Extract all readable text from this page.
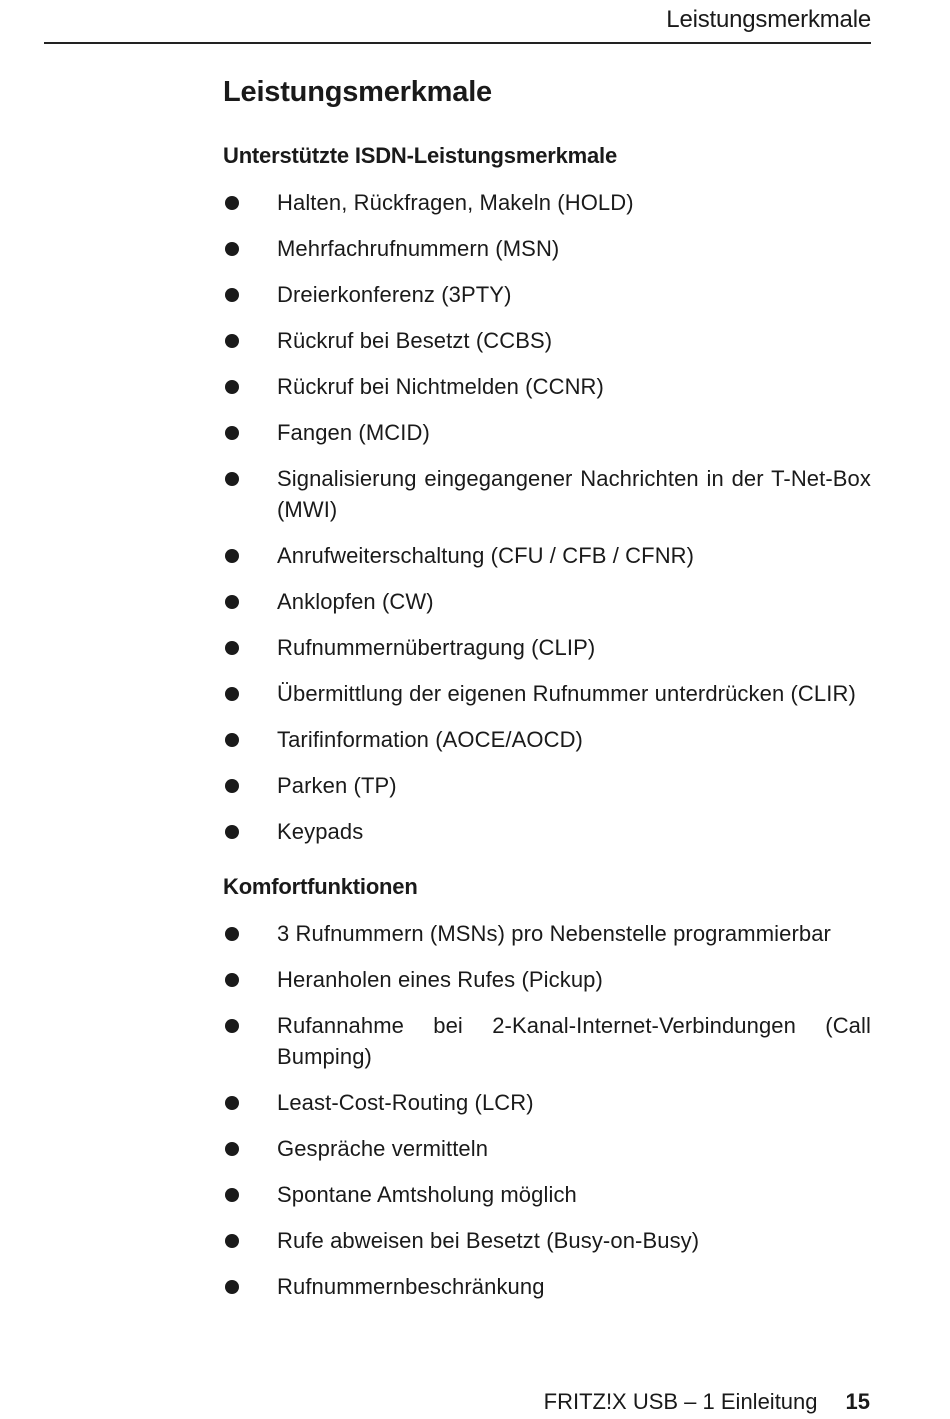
Leistungsmerkmale
Leistungsmerkmale
Unterstützte ISDN-Leistungsmerkmale
Halten, Rückfragen, Makeln (HOLD)
Mehrfachrufnummern (MSN)
Dreierkonferenz (3PTY)
Rückruf bei Besetzt (CCBS)
Rückruf bei Nichtmelden (CCNR)
Fangen (MCID)
Signalisierung eingegangener Nachrichten in der T-Net-Box (MWI)
Anrufweiterschaltung (CFU / CFB / CFNR)
Anklopfen (CW)
Rufnummernübertragung (CLIP)
Übermittlung der eigenen Rufnummer unterdrücken (CLIR)
Tarifinformation (AOCE/AOCD)
Parken (TP)
Keypads
Komfortfunktionen
3 Rufnummern (MSNs) pro Nebenstelle programmierbar
Heranholen eines Rufes (Pickup)
Rufannahme bei 2-Kanal-Internet-Verbindungen (Call Bumping)
Least-Cost-Routing (LCR)
Gespräche vermitteln
Spontane Amtsholung möglich
Rufe abweisen bei Besetzt (Busy-on-Busy)
Rufnummernbeschränkung
FRITZ!X USB – 1 Einleitung 15
